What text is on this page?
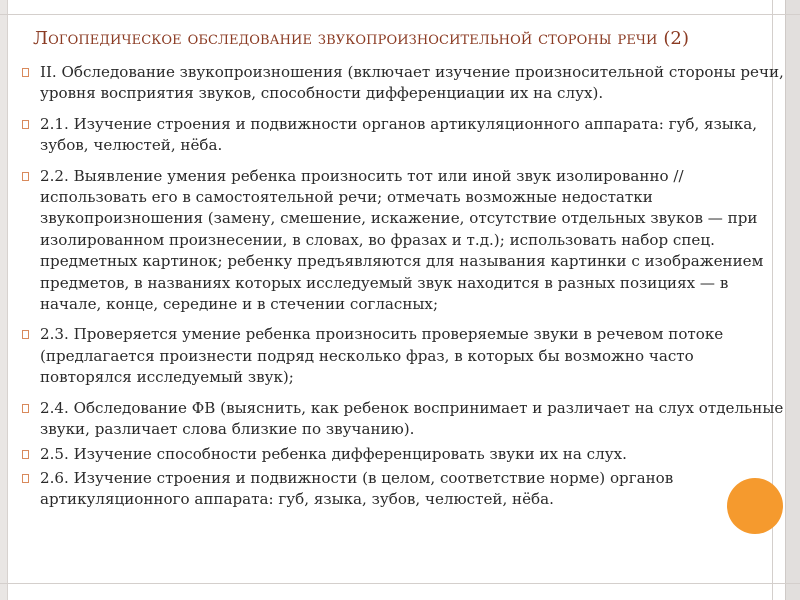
Логопедическое обследование звукопроизносительной стороны речи (2)
II. Обследование звукопроизношения (включает изучение произносительной стороны речи, уровня восприятия звуков, способности дифференциации их на слух).
2.1. Изучение строения и подвижности органов артикуляционного аппарата: губ, языка, зубов, челюстей, нёба.
2.2. Выявление умения ребенка произносить тот или иной звук изолированно // использовать его в самостоятельной речи; отмечать возможные недостатки звукопроизношения (замену, смешение, искажение, отсутствие отдельных звуков — при изолированном произнесении, в словах, во фразах и т.д.); использовать набор спец. предметных картинок; ребенку предъявляются для называния картинки с изображением предметов, в названиях которых исследуемый звук находится в разных позициях — в начале, конце, середине и в стечении согласных;
2.3. Проверяется умение ребенка произносить проверяемые звуки в речевом потоке (предлагается произнести подряд несколько фраз, в которых бы возможно часто повторялся исследуемый звук);
2.4. Обследование ФВ (выяснить, как ребенок воспринимает и различает на слух отдельные звуки, различает слова близкие по звучанию).
2.5. Изучение способности ребенка дифференцировать звуки их на слух.
2.6. Изучение строения и подвижности (в целом, соответствие норме) органов артикуляционного аппарата: губ, языка, зубов, челюстей, нёба.
